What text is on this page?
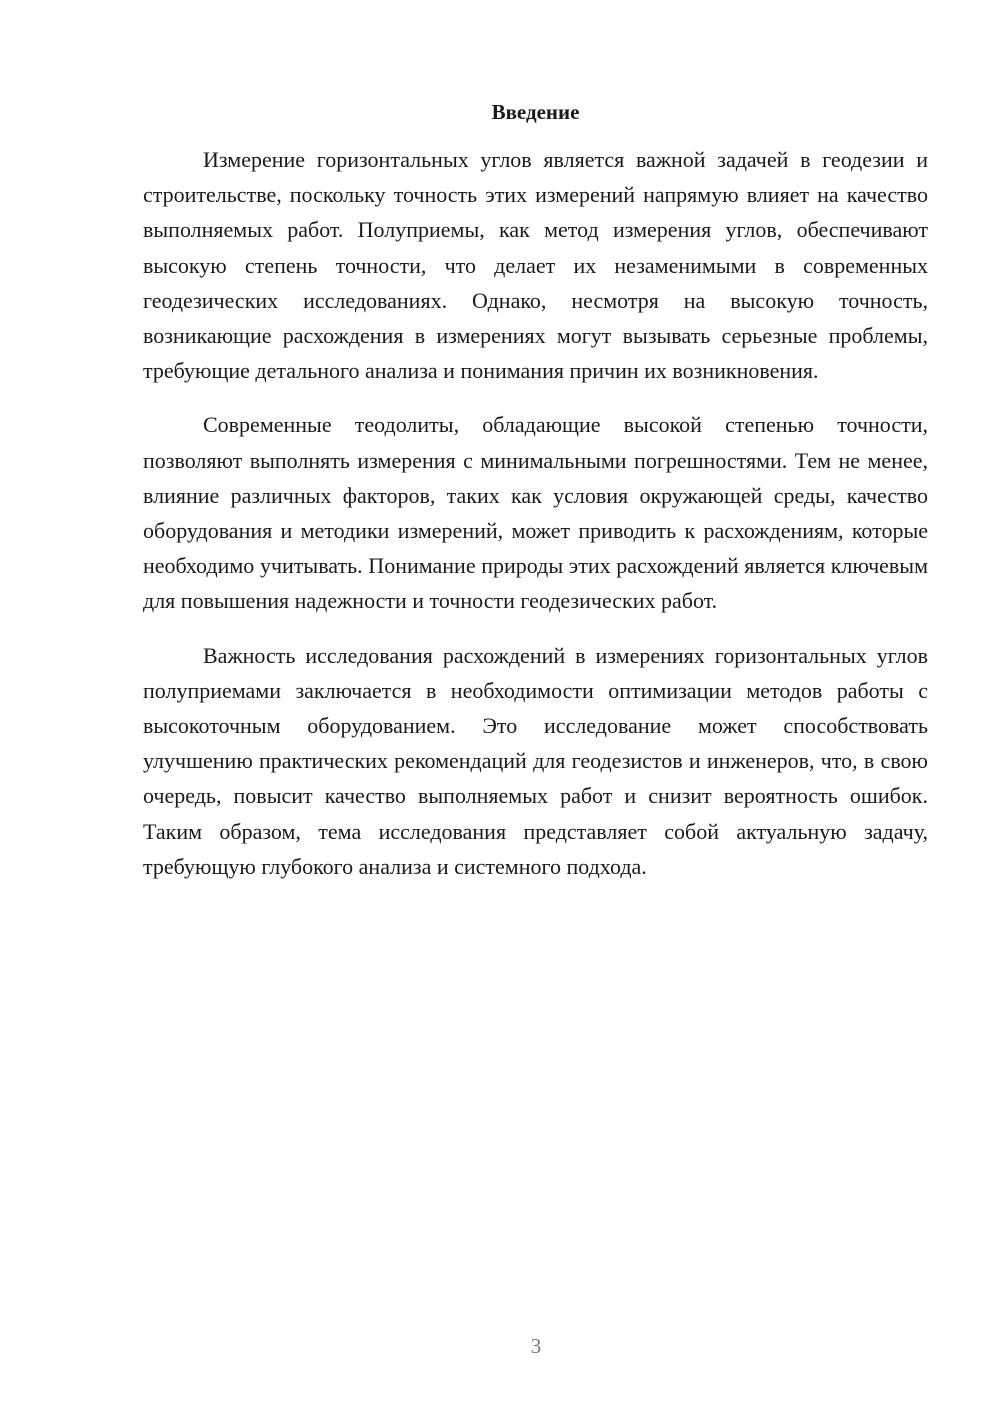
Введение

Измерение горизонтальных углов является важной задачей в геодезии и строительстве, поскольку точность этих измерений напрямую влияет на качество выполняемых работ. Полуприемы, как метод измерения углов, обеспечивают высокую степень точности, что делает их незаменимыми в современных геодезических исследованиях. Однако, несмотря на высокую точность, возникающие расхождения в измерениях могут вызывать серьезные проблемы, требующие детального анализа и понимания причин их возникновения.

Современные теодолиты, обладающие высокой степенью точности, позволяют выполнять измерения с минимальными погрешностями. Тем не менее, влияние различных факторов, таких как условия окружающей среды, качество оборудования и методики измерений, может приводить к расхождениям, которые необходимо учитывать. Понимание природы этих расхождений является ключевым для повышения надежности и точности геодезических работ.

Важность исследования расхождений в измерениях горизонтальных углов полуприемами заключается в необходимости оптимизации методов работы с высокоточным оборудованием. Это исследование может способствовать улучшению практических рекомендаций для геодезистов и инженеров, что, в свою очередь, повысит качество выполняемых работ и снизит вероятность ошибок. Таким образом, тема исследования представляет собой актуальную задачу, требующую глубокого анализа и системного подхода.

3
